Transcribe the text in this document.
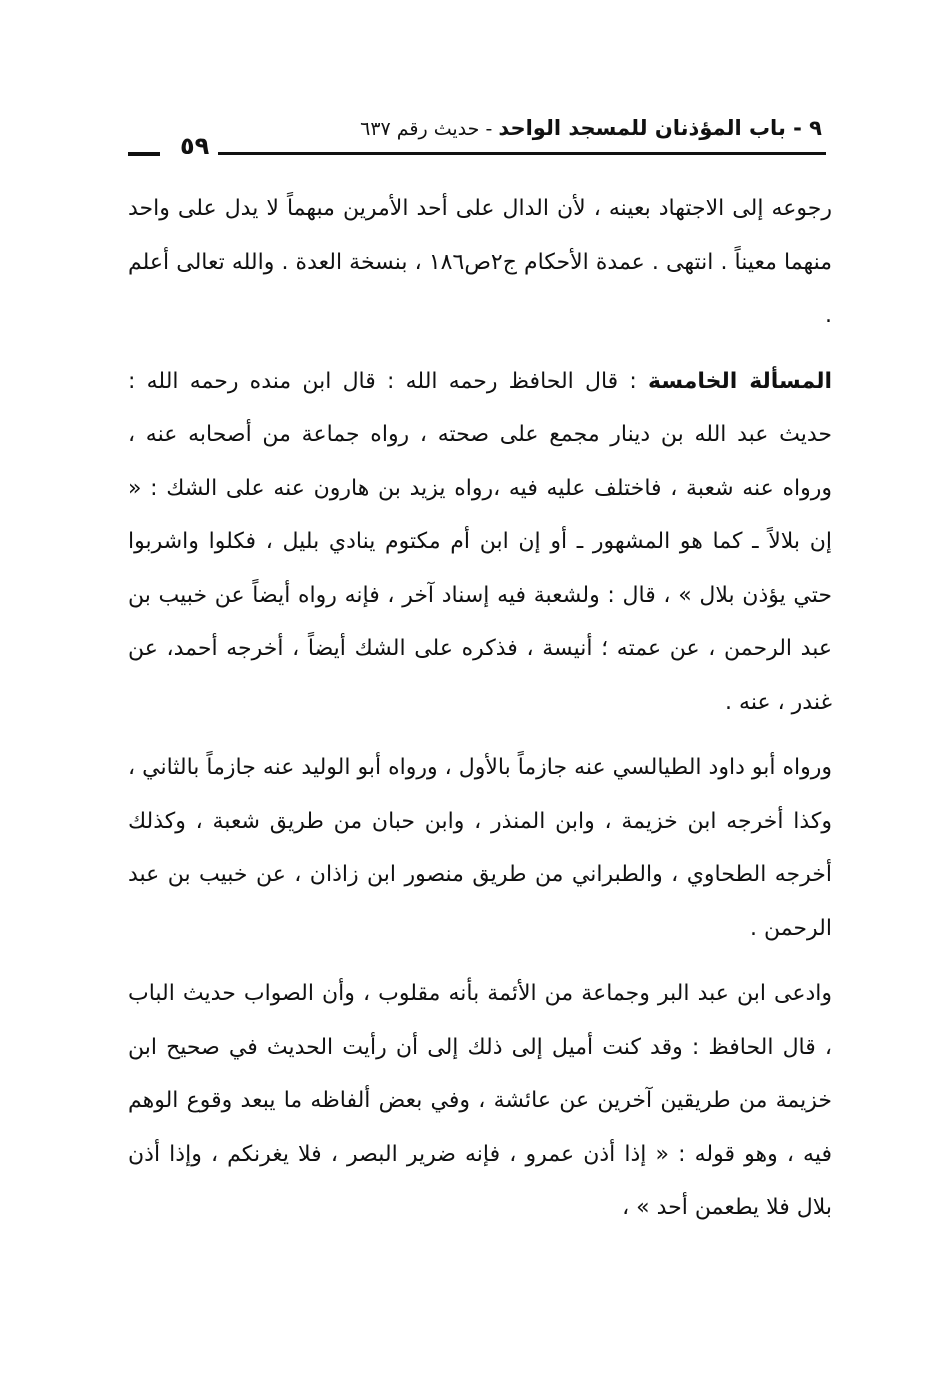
٩ - باب المؤذنان للمسجد الواحد - حديث رقم ٦٣٧
٥٩

رجوعه إلى الاجتهاد بعينه ، لأن الدال على أحد الأمرين مبهماً لا يدل على واحد منهما معيناً . انتهى . عمدة الأحكام ج٢ص١٨٦ ، بنسخة العدة . والله تعالى أعلم .

المسألة الخامسة : قال الحافظ رحمه الله : قال ابن منده رحمه الله : حديث عبد الله بن دينار مجمع على صحته ، رواه جماعة من أصحابه عنه ، ورواه عنه شعبة ، فاختلف عليه فيه ،رواه يزيد بن هارون عنه على الشك : « إن بلالاً ـ كما هو المشهور ـ أو إن ابن أم مكتوم ينادي بليل ، فكلوا واشربوا حتي يؤذن بلال » ، قال : ولشعبة فيه إسناد آخر ، فإنه رواه أيضاً عن خبيب بن عبد الرحمن ، عن عمته ؛ أنيسة ، فذكره على الشك أيضاً ، أخرجه أحمد، عن غندر ، عنه .

ورواه أبو داود الطيالسي عنه جازماً بالأول ، ورواه أبو الوليد عنه جازماً بالثاني ، وكذا أخرجه ابن خزيمة ، وابن المنذر ، وابن حبان من طريق شعبة ، وكذلك أخرجه الطحاوي ، والطبراني من طريق منصور ابن زاذان ، عن خبيب بن عبد الرحمن .

وادعى ابن عبد البر وجماعة من الأئمة بأنه مقلوب ، وأن الصواب حديث الباب ، قال الحافظ : وقد كنت أميل إلى ذلك إلى أن رأيت الحديث في صحيح ابن خزيمة من طريقين آخرين عن عائشة ، وفي بعض ألفاظه ما يبعد وقوع الوهم فيه ، وهو قوله : « إذا أذن عمرو ، فإنه ضرير البصر ، فلا يغرنكم ، وإذا أذن بلال فلا يطعمن أحد » ،
